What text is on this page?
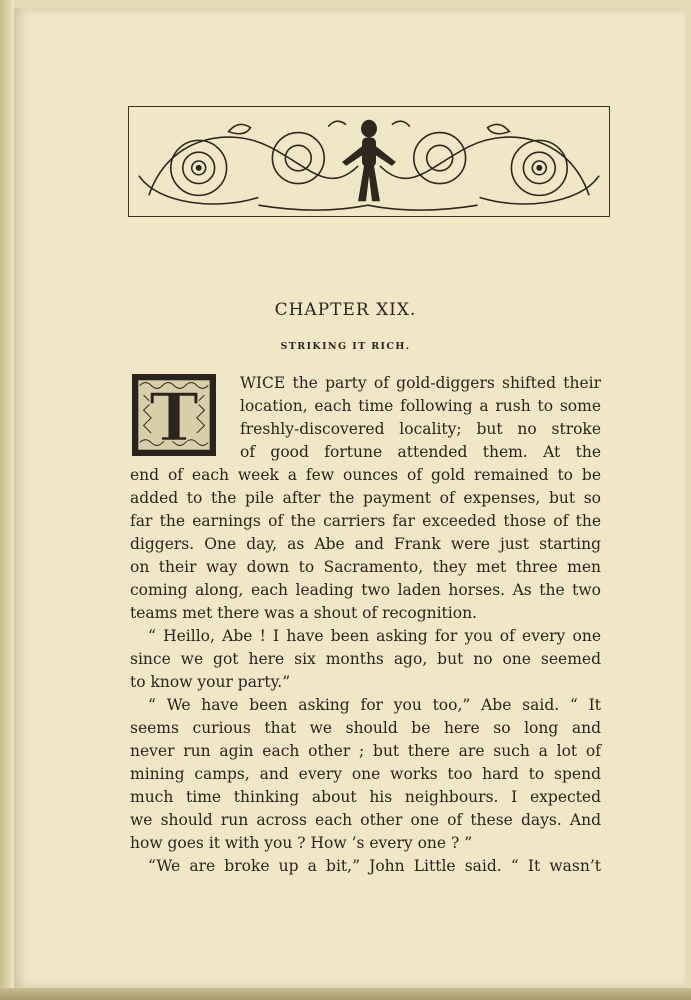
CHAPTER XIX.
STRIKING IT RICH.
T	WICE the party of gold-diggers shifted their
location, each time following a rush to some
freshly-discovered locality; but no stroke
of good fortune attended them. At the
end of each week a few ounces of gold remained to be
added to the pile after the payment of expenses, but so
far the earnings of the carriers far exceeded those of the
diggers. One day, as Abe and Frank were just starting
on their way down to Sacramento, they met three men
coming along, each leading two laden horses. As the two
teams met there was a shout of recognition.
“ Heillo, Abe ! I have been asking for you of every one
since we got here six months ago, but no one seemed
to know your party.”
“ We have been asking for you too,” Abe said. “ It
seems curious that we should be here so long and
never run agin each other ; but there are such a lot of
mining camps, and every one works too hard to spend
much time thinking about his neighbours. I expected
we should run across each other one of these days. And
how goes it with you ? How ’s every one ? ”
“We are broke up a bit,” John Little said. “ It wasn’t
